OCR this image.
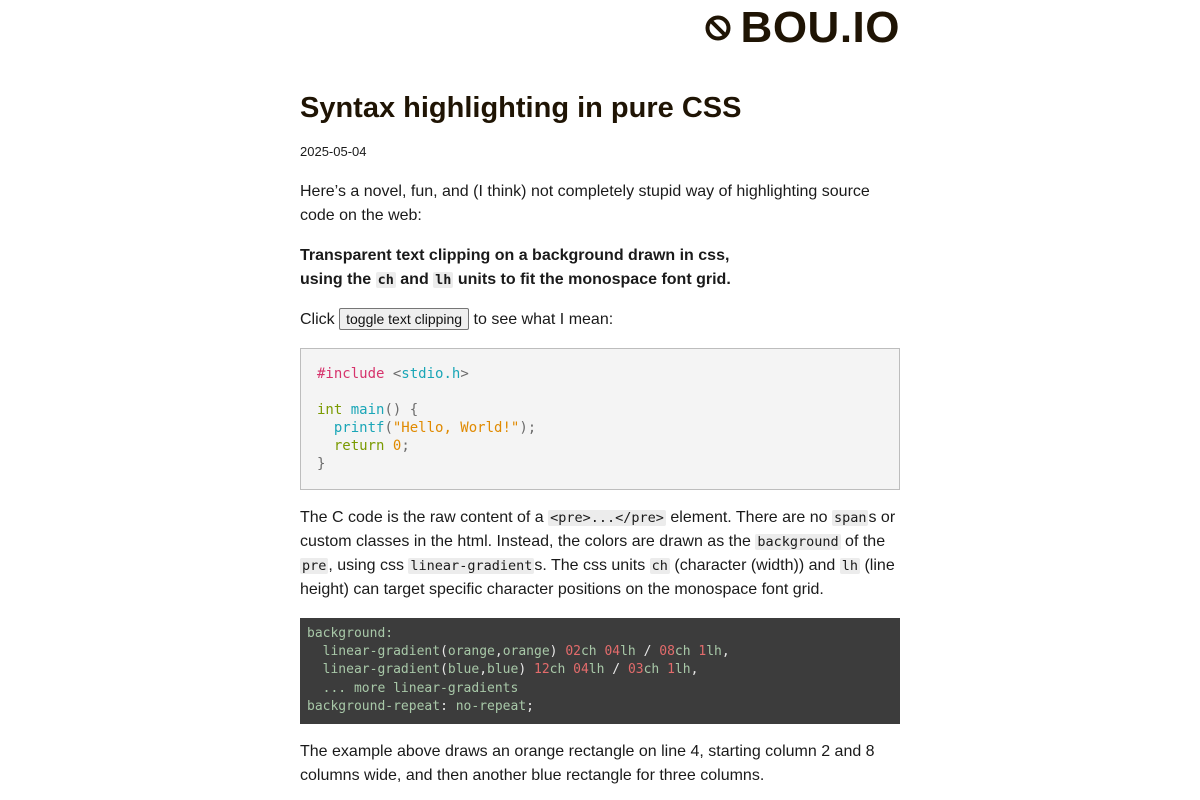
BOU.IO
Syntax highlighting in pure CSS
2025-05-04

Here’s a novel, fun, and (I think) not completely stupid way of highlighting source code on the web:

Transparent text clipping on a background drawn in css,
using the ch and lh units to fit the monospace font grid.

Click toggle text clipping to see what I mean:

#include <stdio.h>
int main() {
printf("Hello, World!");
return 0;
}

The C code is the raw content of a <pre>...</pre> element. There are no span s or custom classes in the html. Instead, the colors are drawn as the background of the pre , using css linear-gradient s. The css units ch (character (width)) and lh (line height) can target specific character positions on the monospace font grid.

background:
linear-gradient(orange,orange) 02ch 04lh / 08ch 1lh,
linear-gradient(blue,blue) 12ch 04lh / 03ch 1lh,
... more linear-gradients
background-repeat: no-repeat;

The example above draws an orange rectangle on line 4, starting column 2 and 8 columns wide, and then another blue rectangle for three columns.
